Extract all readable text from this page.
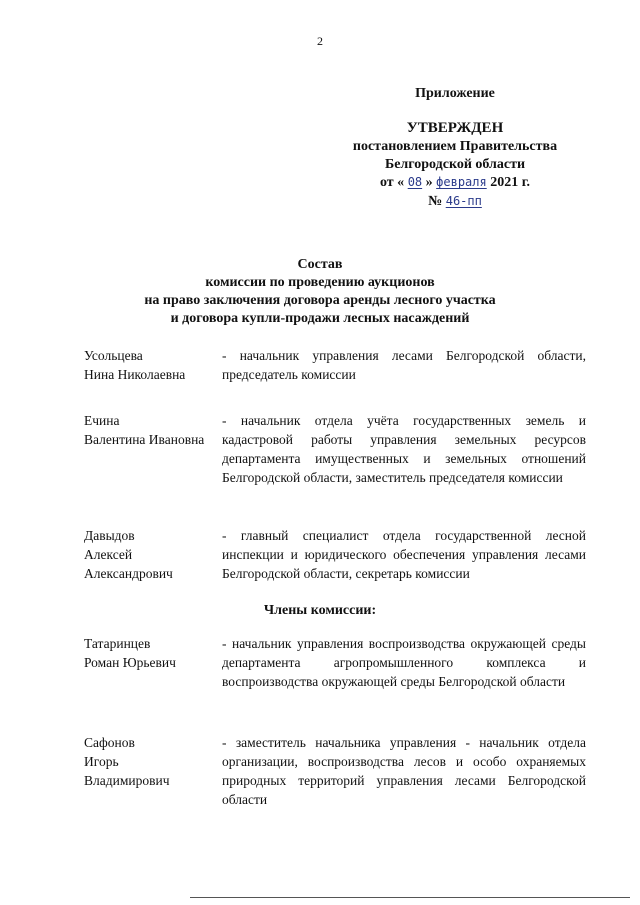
2
Приложение
УТВЕРЖДЕН
постановлением Правительства
Белгородской области
от « 08 » февраля 2021 г.
№ 46-пп
Состав
комиссии по проведению аукционов
на право заключения договора аренды лесного участка
и договора купли-продажи лесных насаждений
Усольцева
Нина Николаевна
- начальник управления лесами Белгородской области, председатель комиссии
Ечина
Валентина Ивановна
- начальник отдела учёта государственных земель и кадастровой работы управления земельных ресурсов департамента имущественных и земельных отношений Белгородской области, заместитель председателя комиссии
Давыдов
Алексей
Александрович
- главный специалист отдела государственной лесной инспекции и юридического обеспечения управления лесами Белгородской области, секретарь комиссии
Члены комиссии:
Татаринцев
Роман Юрьевич
- начальник управления воспроизводства окружающей среды департамента агропромышленного комплекса и воспроизводства окружающей среды Белгородской области
Сафонов
Игорь
Владимирович
- заместитель начальника управления - начальник отдела организации, воспроизводства лесов и особо охраняемых природных территорий управления лесами Белгородской области
